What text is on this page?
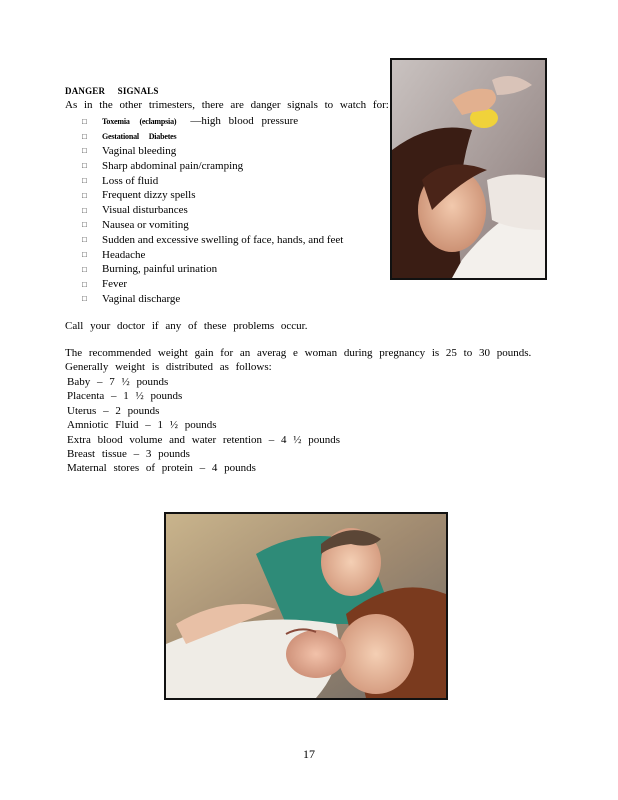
DANGER SIGNALS
As in the other trimesters, there are danger signals to watch for:
□	Toxemia (eclampsia) —high blood pressure
□	Gestational Diabetes
□	Vaginal bleeding
□	Sharp abdominal pain/cramping
□	Loss of fluid
□	Frequent dizzy spells
□	Visual disturbances
□	Nausea or vomiting
□	Sudden and excessive swelling of face, hands, and feet
□	Headache
□	Burning, painful urination
□	Fever
□	Vaginal discharge
Call your doctor if any of these problems occur.
The recommended weight gain for an averag e woman during pregnancy is 25 to 30 pounds.
Generally weight is distributed as follows:
Baby – 7 ½ pounds
Placenta – 1 ½ pounds
Uterus – 2 pounds
Amniotic Fluid – 1 ½ pounds
Extra blood volume and water retention – 4 ½ pounds
Breast tissue – 3 pounds
Maternal stores of protein – 4 pounds
17
